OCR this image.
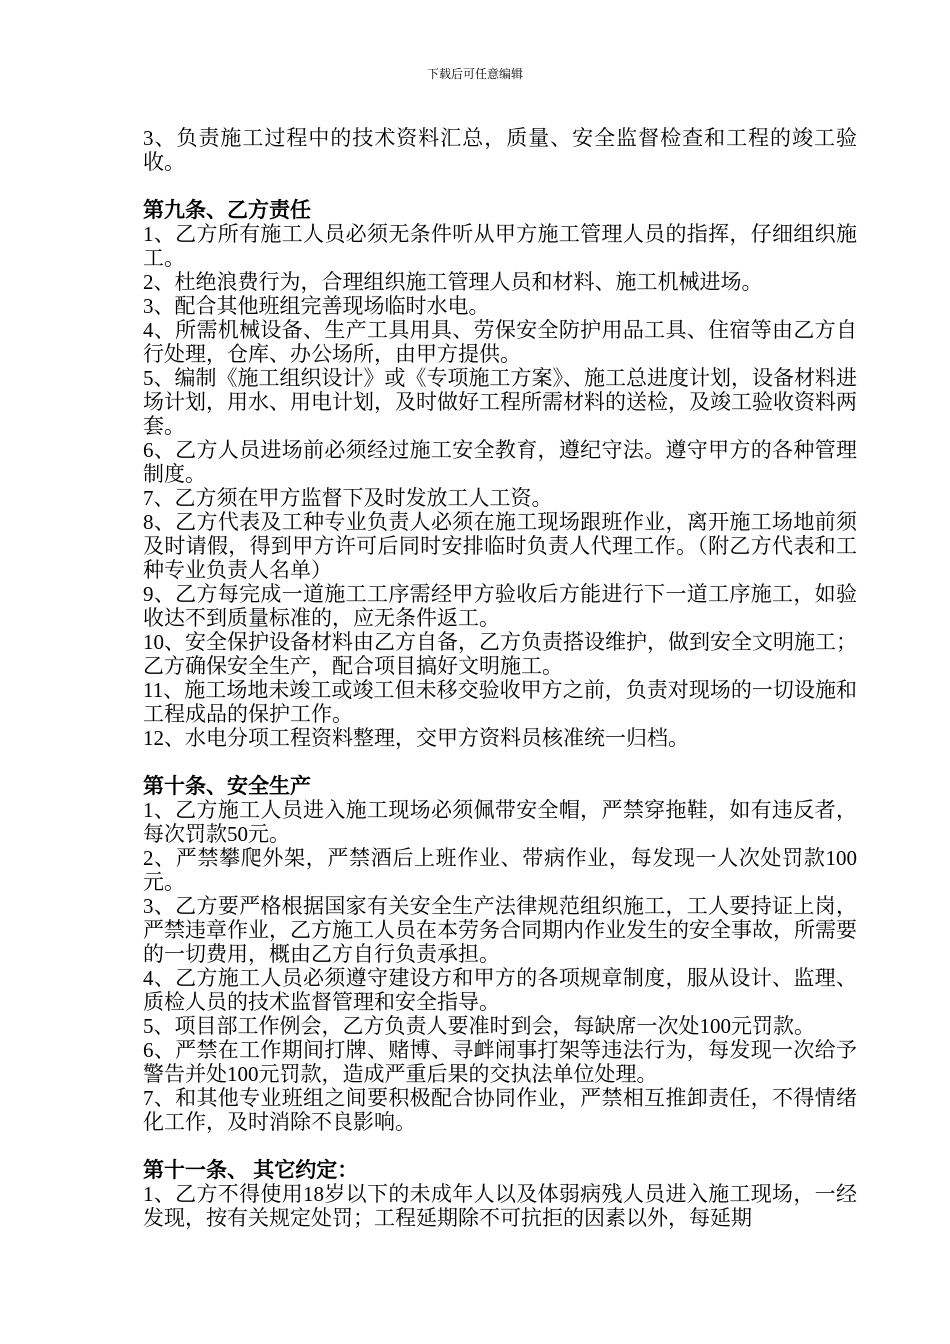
下载后可任意编辑

3、负责施工过程中的技术资料汇总，质量、安全监督检查和工程的竣工验收。

第九条、乙方责任

1、乙方所有施工人员必须无条件听从甲方施工管理人员的指挥，仔细组织施工。

2、杜绝浪费行为，合理组织施工管理人员和材料、施工机械进场。

3、配合其他班组完善现场临时水电。

4、所需机械设备、生产工具用具、劳保安全防护用品工具、住宿等由乙方自行处理，仓库、办公场所，由甲方提供。

5、编制《施工组织设计》或《专项施工方案》、施工总进度计划，设备材料进场计划，用水、用电计划，及时做好工程所需材料的送检，及竣工验收资料两套。

6、乙方人员进场前必须经过施工安全教育，遵纪守法。遵守甲方的各种管理制度。

7、乙方须在甲方监督下及时发放工人工资。

8、乙方代表及工种专业负责人必须在施工现场跟班作业，离开施工场地前须及时请假，得到甲方许可后同时安排临时负责人代理工作。（附乙方代表和工种专业负责人名单）

9、乙方每完成一道施工工序需经甲方验收后方能进行下一道工序施工，如验收达不到质量标准的，应无条件返工。

10、安全保护设备材料由乙方自备，乙方负责搭设维护，做到安全文明施工；乙方确保安全生产，配合项目搞好文明施工。

11、施工场地未竣工或竣工但未移交验收甲方之前，负责对现场的一切设施和工程成品的保护工作。

12、水电分项工程资料整理，交甲方资料员核准统一归档。

第十条、安全生产

1、乙方施工人员进入施工现场必须佩带安全帽，严禁穿拖鞋，如有违反者，每次罚款50元。

2、严禁攀爬外架，严禁酒后上班作业、带病作业，每发现一人次处罚款100元。

3、乙方要严格根据国家有关安全生产法律规范组织施工，工人要持证上岗，严禁违章作业，乙方施工人员在本劳务合同期内作业发生的安全事故，所需要的一切费用，概由乙方自行负责承担。

4、乙方施工人员必须遵守建设方和甲方的各项规章制度，服从设计、监理、质检人员的技术监督管理和安全指导。

5、项目部工作例会，乙方负责人要准时到会，每缺席一次处100元罚款。

6、严禁在工作期间打牌、赌博、寻衅闹事打架等违法行为，每发现一次给予警告并处100元罚款，造成严重后果的交执法单位处理。

7、和其他专业班组之间要积极配合协同作业，严禁相互推卸责任，不得情绪化工作，及时消除不良影响。

第十一条、 其它约定：

1、乙方不得使用18岁以下的未成年人以及体弱病残人员进入施工现场，一经发现，按有关规定处罚；工程延期除不可抗拒的因素以外，每延期
